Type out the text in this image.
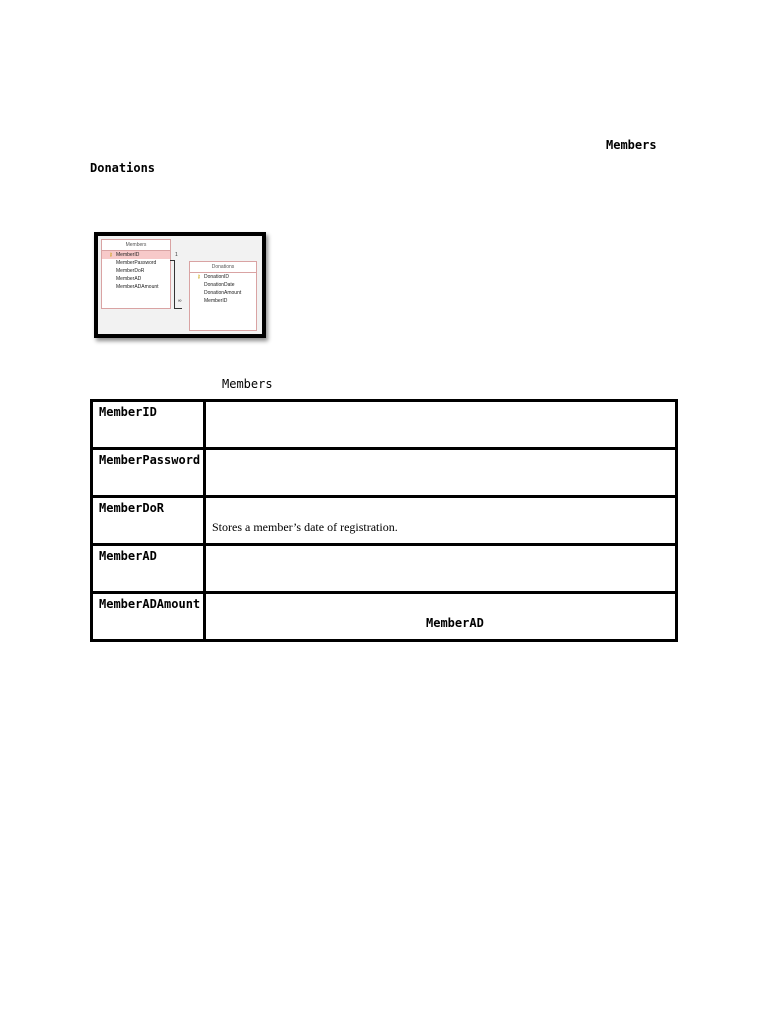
Members
Donations
Members
⚷ MemberID
MemberPassword
MemberDoR
MemberAD
MemberADAmount
1
∞
Donations
⚷ DonationID
DonationDate
DonationAmount
MemberID
Members
MemberID	

MemberPassword	

MemberDoR	Stores a member’s date of registration.

MemberAD	

MemberADAmount	MemberAD
